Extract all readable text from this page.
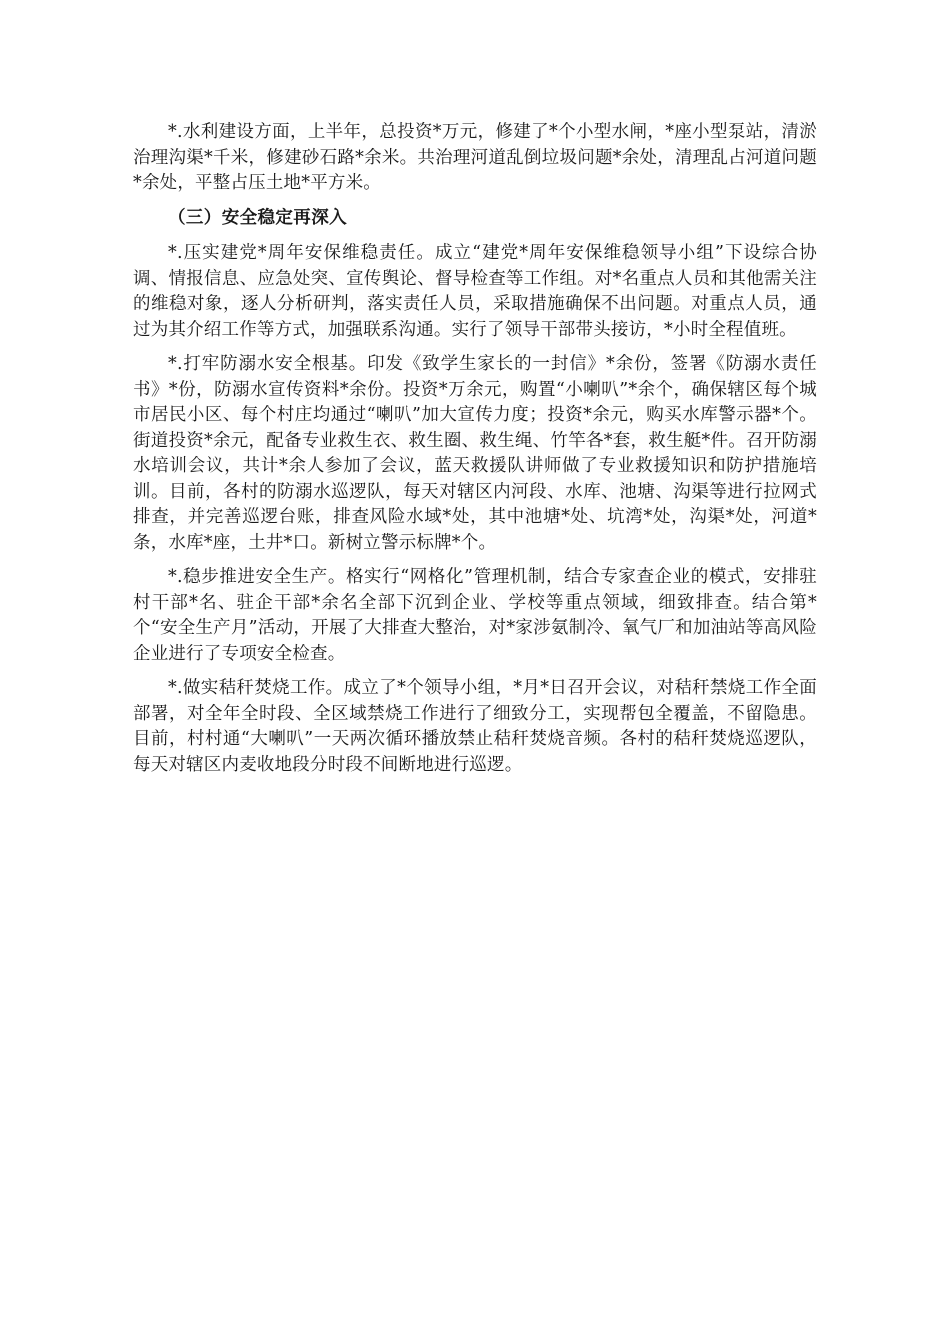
*.水利建设方面，上半年，总投资*万元，修建了*个小型水闸，*座小型泵站，清淤治理沟渠*千米，修建砂石路*余米。共治理河道乱倒垃圾问题*余处，清理乱占河道问题*余处，平整占压土地*平方米。

（三）安全稳定再深入

*.压实建党*周年安保维稳责任。成立“建党*周年安保维稳领导小组”下设综合协调、情报信息、应急处突、宣传舆论、督导检查等工作组。对*名重点人员和其他需关注的维稳对象，逐人分析研判，落实责任人员，采取措施确保不出问题。对重点人员，通过为其介绍工作等方式，加强联系沟通。实行了领导干部带头接访，*小时全程值班。

*.打牢防溺水安全根基。印发《致学生家长的一封信》*余份，签署《防溺水责任书》*份，防溺水宣传资料*余份。投资*万余元，购置“小喇叭”*余个，确保辖区每个城市居民小区、每个村庄均通过“喇叭”加大宣传力度；投资*余元，购买水库警示器*个。街道投资*余元，配备专业救生衣、救生圈、救生绳、竹竿各*套，救生艇*件。召开防溺水培训会议，共计*余人参加了会议，蓝天救援队讲师做了专业救援知识和防护措施培训。目前，各村的防溺水巡逻队，每天对辖区内河段、水库、池塘、沟渠等进行拉网式排查，并完善巡逻台账，排查风险水域*处，其中池塘*处、坑湾*处，沟渠*处，河道*条，水库*座，土井*口。新树立警示标牌*个。

*.稳步推进安全生产。格实行“网格化”管理机制，结合专家查企业的模式，安排驻村干部*名、驻企干部*余名全部下沉到企业、学校等重点领域，细致排查。结合第*个“安全生产月”活动，开展了大排查大整治，对*家涉氨制冷、氧气厂和加油站等高风险企业进行了专项安全检查。

*.做实秸秆焚烧工作。成立了*个领导小组，*月*日召开会议，对秸秆禁烧工作全面部署，对全年全时段、全区域禁烧工作进行了细致分工，实现帮包全覆盖，不留隐患。目前，村村通“大喇叭”一天两次循环播放禁止秸秆焚烧音频。各村的秸秆焚烧巡逻队，每天对辖区内麦收地段分时段不间断地进行巡逻。
